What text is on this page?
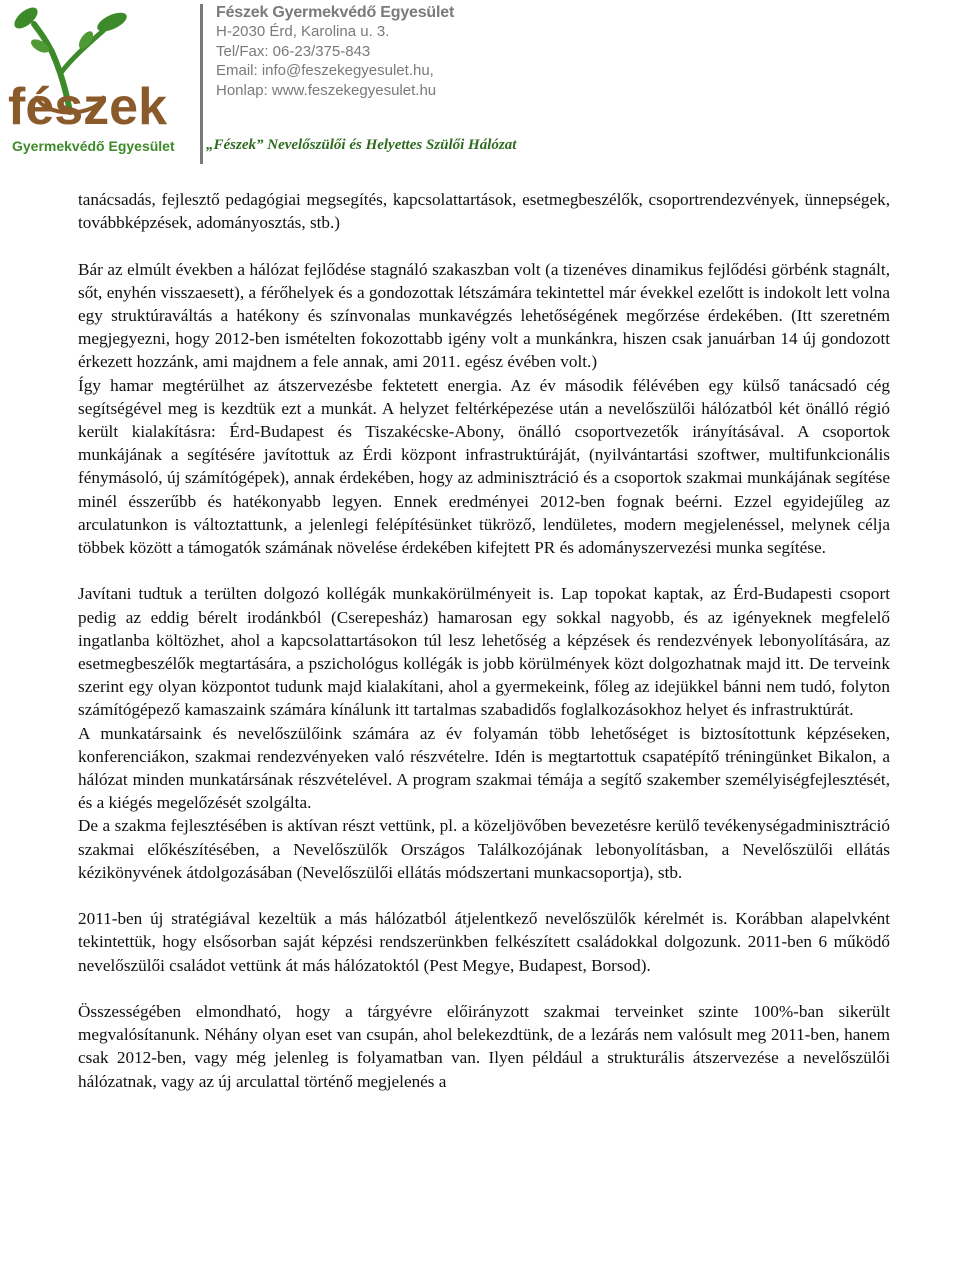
fészek
Gyermekvédő Egyesület
Fészek Gyermekvédő Egyesület
H-2030 Érd, Karolina u. 3.
Tel/Fax: 06-23/375-843
Email: info@feszekegyesulet.hu,
Honlap: www.feszekegyesulet.hu
„Fészek” Nevelőszülői és Helyettes Szülői Hálózat

tanácsadás, fejlesztő pedagógiai megsegítés, kapcsolattartások, esetmegbeszélők, csoportrendezvények, ünnepségek, továbbképzések, adományosztás, stb.)

Bár az elmúlt években a hálózat fejlődése stagnáló szakaszban volt (a tizenéves dinamikus fejlődési görbénk stagnált, sőt, enyhén visszaesett), a férőhelyek és a gondozottak létszámára tekintettel már évekkel ezelőtt is indokolt lett volna egy struktúraváltás a hatékony és színvonalas munkavégzés lehetőségének megőrzése érdekében. (Itt szeretném megjegyezni, hogy 2012-ben ismételten fokozottabb igény volt a munkánkra, hiszen csak januárban 14 új gondozott érkezett hozzánk, ami majdnem a fele annak, ami 2011. egész évében volt.)

Így hamar megtérülhet az átszervezésbe fektetett energia. Az év második félévében egy külső tanácsadó cég segítségével meg is kezdtük ezt a munkát. A helyzet feltérképezése után a nevelőszülői hálózatból két önálló régió került kialakításra: Érd-Budapest és Tiszakécske-Abony, önálló csoportvezetők irányításával. A csoportok munkájának a segítésére javítottuk az Érdi központ infrastruktúráját, (nyilvántartási szoftwer, multifunkcionális fénymásoló, új számítógépek), annak érdekében, hogy az adminisztráció és a csoportok szakmai munkájának segítése minél ésszerűbb és hatékonyabb legyen. Ennek eredményei 2012-ben fognak beérni. Ezzel egyidejűleg az arculatunkon is változtattunk, a jelenlegi felépítésünket tükröző, lendületes, modern megjelenéssel, melynek célja többek között a támogatók számának növelése érdekében kifejtett PR és adományszervezési munka segítése.

Javítani tudtuk a terülten dolgozó kollégák munkakörülményeit is. Lap topokat kaptak, az Érd-Budapesti csoport pedig az eddig bérelt irodánkból (Cserepesház) hamarosan egy sokkal nagyobb, és az igényeknek megfelelő ingatlanba költözhet, ahol a kapcsolattartásokon túl lesz lehetőség a képzések és rendezvények lebonyolítására, az esetmegbeszélők megtartására, a pszichológus kollégák is jobb körülmények közt dolgozhatnak majd itt. De terveink szerint egy olyan központot tudunk majd kialakítani, ahol a gyermekeink, főleg az idejükkel bánni nem tudó, folyton számítógépező kamaszaink számára kínálunk itt tartalmas szabadidős foglalkozásokhoz helyet és infrastruktúrát.

A munkatársaink és nevelőszülőink számára az év folyamán több lehetőséget is biztosítottunk képzéseken, konferenciákon, szakmai rendezvényeken való részvételre. Idén is megtartottuk csapatépítő tréningünket Bikalon, a hálózat minden munkatársának részvételével. A program szakmai témája a segítő szakember személyiségfejlesztését, és a kiégés megelőzését szolgálta.

De a szakma fejlesztésében is aktívan részt vettünk, pl. a közeljövőben bevezetésre kerülő tevékenységadminisztráció szakmai előkészítésében, a Nevelőszülők Országos Találkozójának lebonyolításban, a Nevelőszülői ellátás kézikönyvének átdolgozásában (Nevelőszülői ellátás módszertani munkacsoportja), stb.

2011-ben új stratégiával kezeltük a más hálózatból átjelentkező nevelőszülők kérelmét is. Korábban alapelvként tekintettük, hogy elsősorban saját képzési rendszerünkben felkészített családokkal dolgozunk. 2011-ben 6 működő nevelőszülői családot vettünk át más hálózatoktól (Pest Megye, Budapest, Borsod).

Összességében elmondható, hogy a tárgyévre előirányzott szakmai terveinket szinte 100%-ban sikerült megvalósítanunk. Néhány olyan eset van csupán, ahol belekezdtünk, de a lezárás nem valósult meg 2011-ben, hanem csak 2012-ben, vagy még jelenleg is folyamatban van. Ilyen például a strukturális átszervezése a nevelőszülői hálózatnak, vagy az új arculattal történő megjelenés a
